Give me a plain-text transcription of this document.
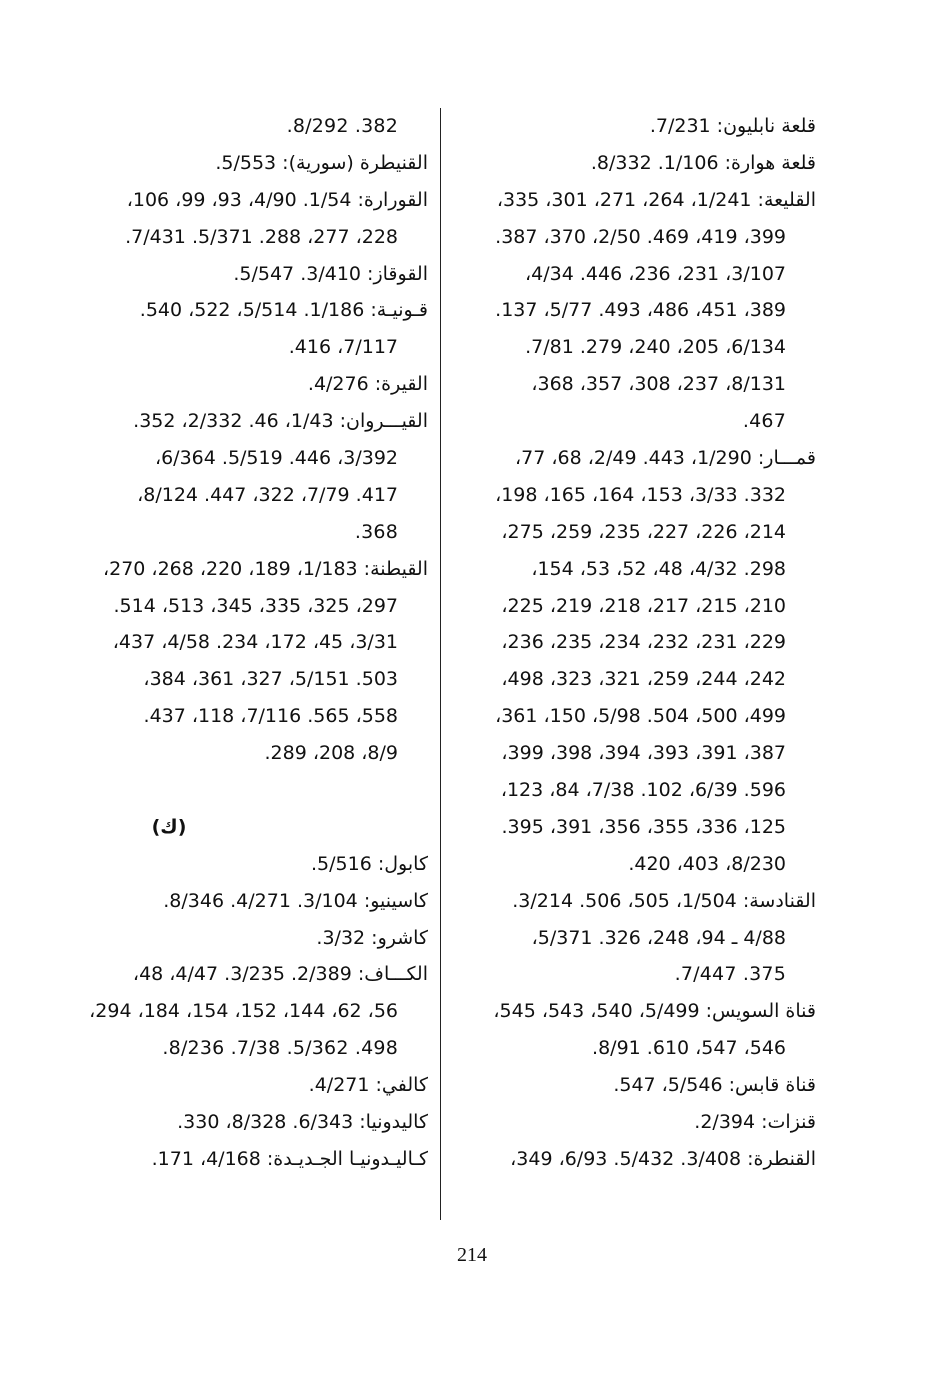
قلعة نابليون: 7/231.
قلعة هوارة: 1/106. 8/332.
القليعة: 1/241، 264، 271، 301، 335،
399، 419، 469. 2/50، 370، 387.
3/107، 231، 236، 446. 4/34،
389، 451، 486، 493. 5/77، 137.
6/134، 205، 240، 279. 7/81.
8/131، 237، 308، 357، 368،
467.
قمـــار: 1/290، 443. 2/49، 68، 77،
332. 3/33، 153، 164، 165، 198،
214، 226، 227، 235، 259، 275،
298. 4/32، 48، 52، 53، 154،
210، 215، 217، 218، 219، 225،
229، 231، 232، 234، 235، 236،
242، 244، 259، 321، 323، 498،
499، 500، 504. 5/98، 150، 361،
387، 391، 393، 394، 398، 399،
596. 6/39، 102. 7/38، 84، 123،
125، 336، 355، 356، 391، 395.
8/230، 403، 420.
القنادسة: 1/504، 505، 506. 3/214.
4/88 ـ 94، 248، 326. 5/371،
375. 7/447.
قناة السويس: 5/499، 540، 543، 545،
546، 547، 610. 8/91.
قناة قابس: 5/546، 547.
قنزات: 2/394.
القنطرة: 3/408. 5/432. 6/93، 349،
382. 8/292.
القنيطرة (سورية): 5/553.
القورارة: 1/54. 4/90، 93، 99، 106،
228، 277، 288. 5/371. 7/431.
القوقاز: 3/410. 5/547.
قـونيـة: 1/186. 5/514، 522، 540.
7/117، 416.
القيرة: 4/276.
القيـــروان: 1/43، 46. 2/332، 352.
3/392، 446. 5/519. 6/364،
417. 7/79، 322، 447. 8/124،
368.
القيطنة: 1/183، 189، 220، 268، 270،
297، 325، 335، 345، 513، 514.
3/31، 45، 172، 234. 4/58، 437،
503. 5/151، 327، 361، 384،
558، 565. 7/116، 118، 437.
8/9، 208، 289.
(ك)
كابول: 5/516.
كاسينيو: 3/104. 4/271. 8/346.
كاشرو: 3/32.
الكـــاف: 2/389. 3/235. 4/47، 48،
56، 62، 144، 152، 154، 184، 294،
498. 5/362. 7/38. 8/236.
كالفي: 4/271.
كاليدونيا: 6/343. 8/328، 330.
كـاليـدونيـا الجـديـدة: 4/168، 171.
214
